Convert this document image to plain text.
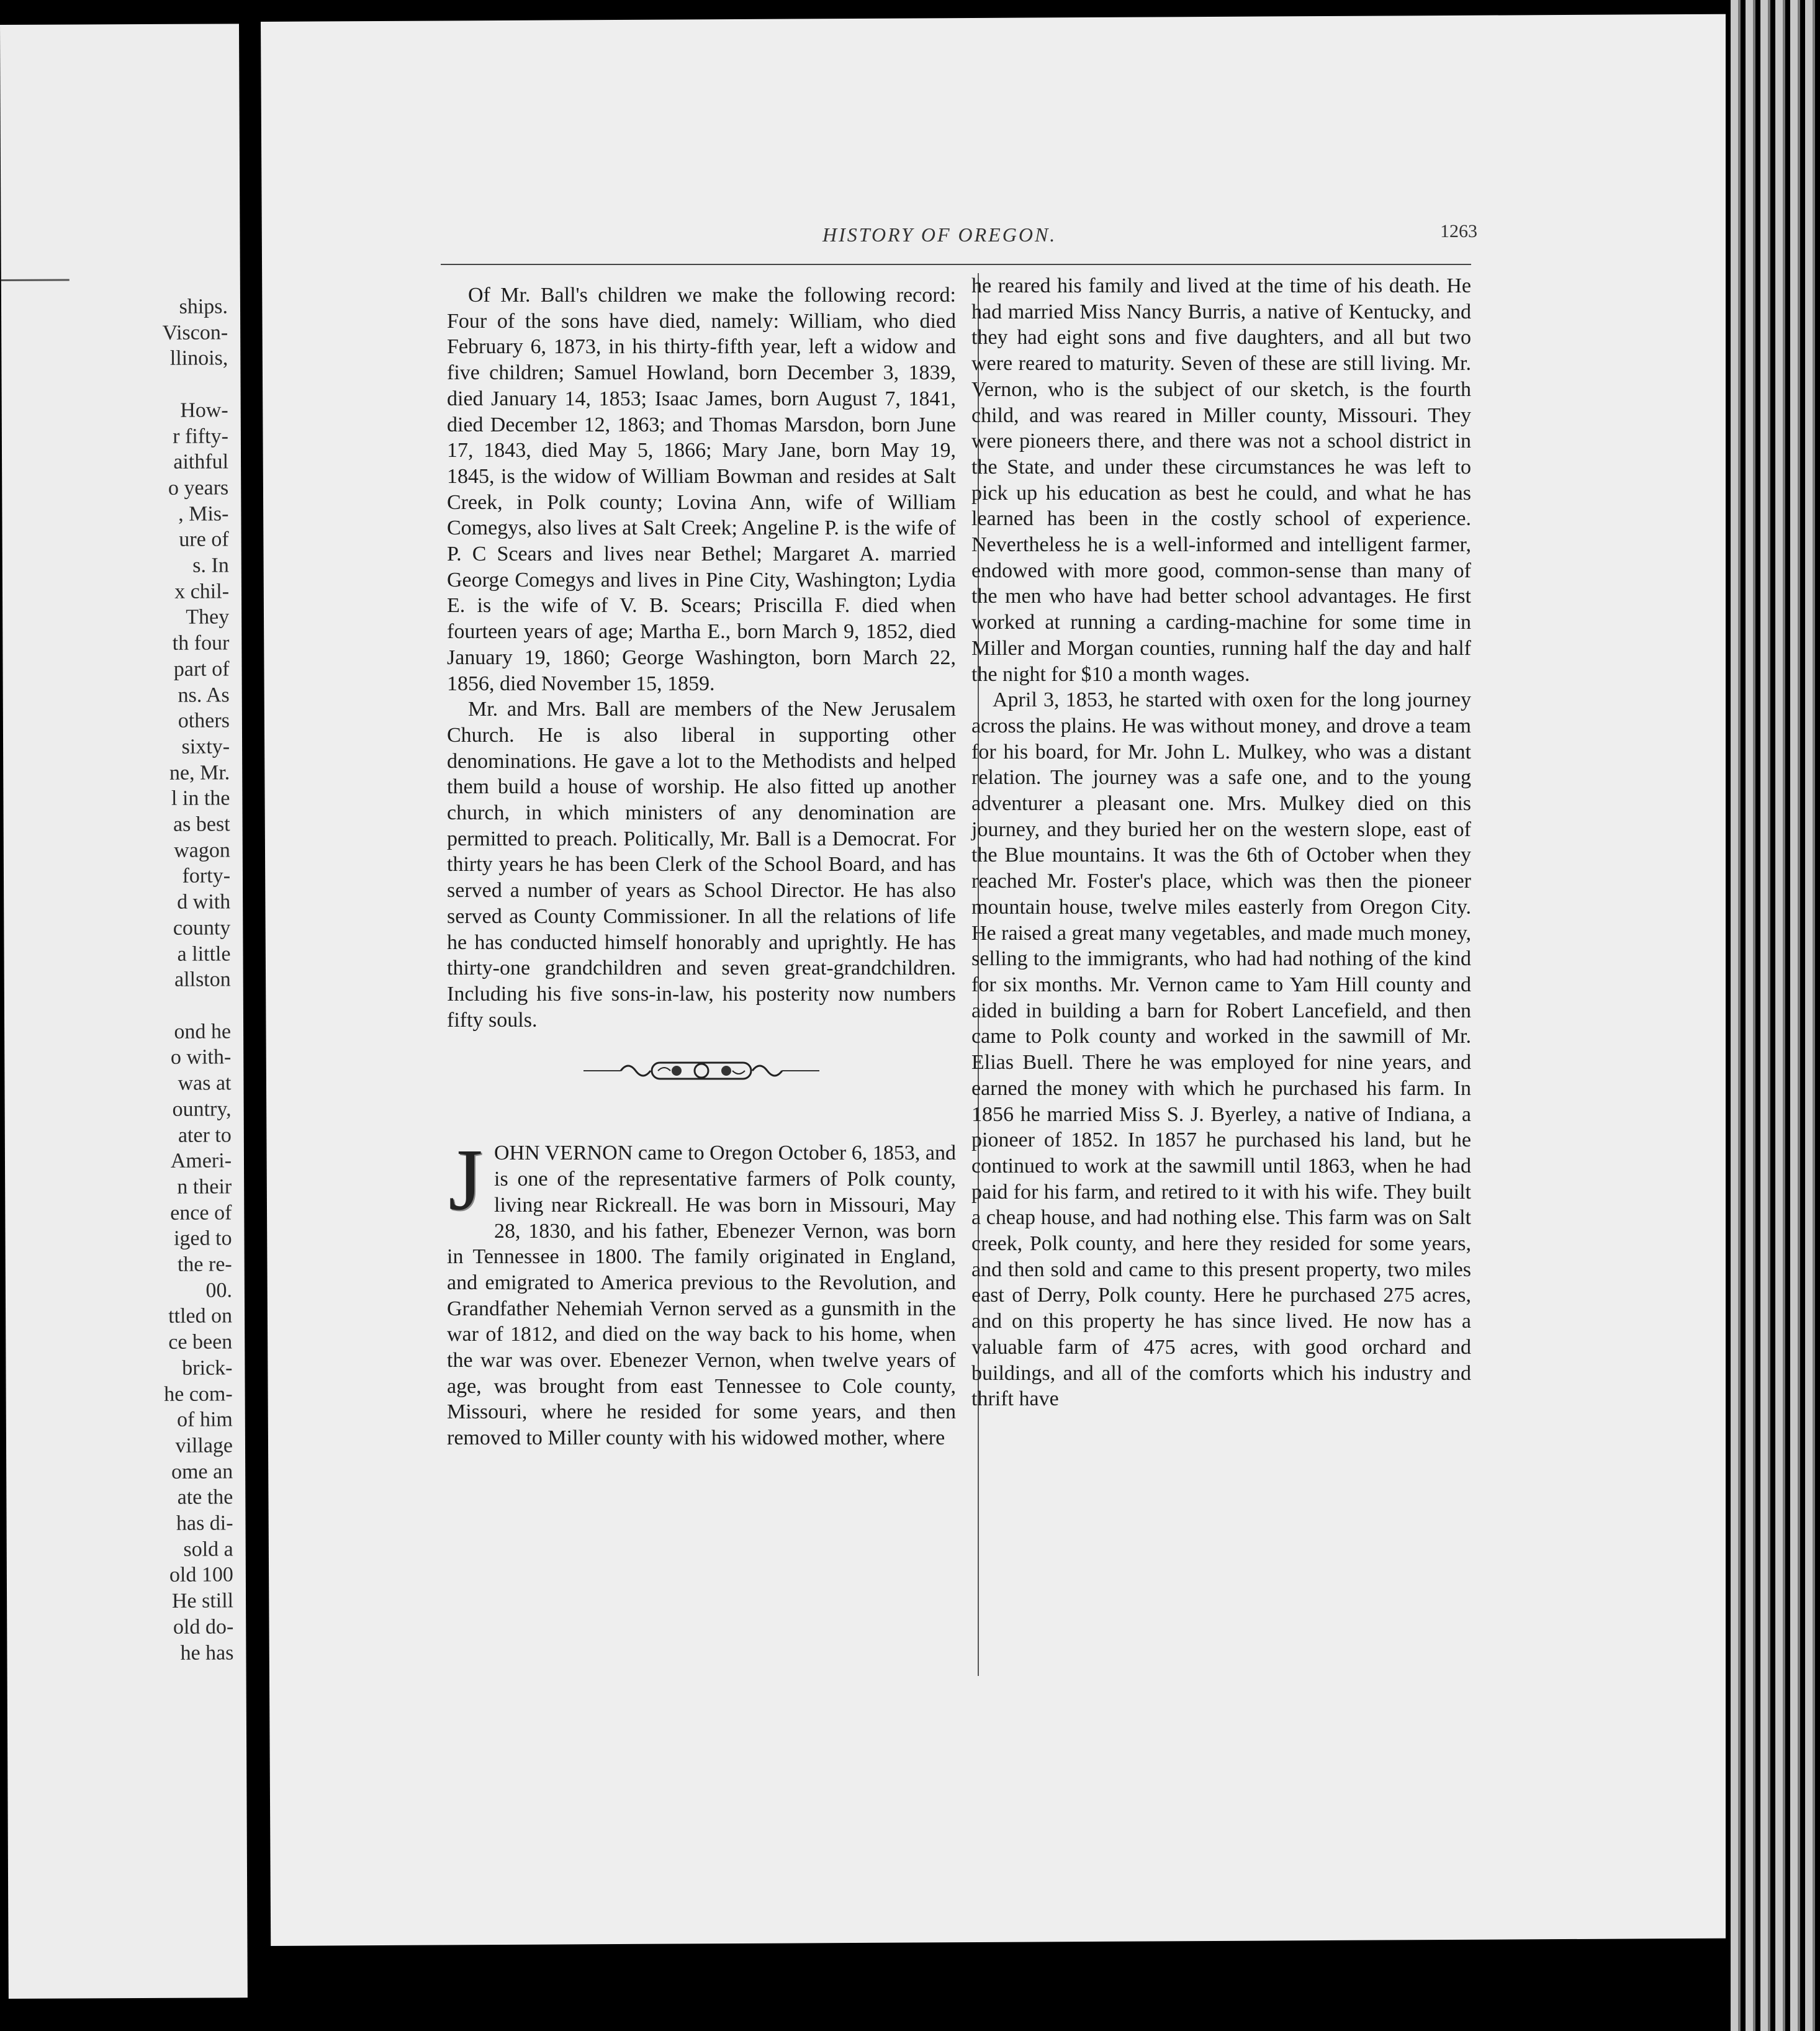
ships.
Viscon-
llinois,

How-
r fifty-
aithful
o years
, Mis-
ure of
s. In
x chil-
They
th four
part of
ns. As
others
sixty-
ne, Mr.
l in the
as best
wagon
forty-
d with
county
a little
allston

ond he
o with-
was at
ountry,
ater to
Ameri-
n their
ence of
iged to
the re-
00.
ttled on
ce been
brick-
he com-
of him
village
ome an
ate the
has di-
sold a
old 100
He still
old do-
he has
HISTORY OF OREGON.	1263

Of Mr. Ball's children we make the following record: Four of the sons have died, namely: William, who died February 6, 1873, in his thirty-fifth year, left a widow and five children; Samuel Howland, born December 3, 1839, died January 14, 1853; Isaac James, born August 7, 1841, died December 12, 1863; and Thomas Marsdon, born June 17, 1843, died May 5, 1866; Mary Jane, born May 19, 1845, is the widow of William Bowman and resides at Salt Creek, in Polk county; Lovina Ann, wife of William Comegys, also lives at Salt Creek; Angeline P. is the wife of P. C Scears and lives near Bethel; Margaret A. married George Comegys and lives in Pine City, Washington; Lydia E. is the wife of V. B. Scears; Priscilla F. died when fourteen years of age; Martha E., born March 9, 1852, died January 19, 1860; George Washington, born March 22, 1856, died November 15, 1859.

Mr. and Mrs. Ball are members of the New Jerusalem Church. He is also liberal in supporting other denominations. He gave a lot to the Methodists and helped them build a house of worship. He also fitted up another church, in which ministers of any denomination are permitted to preach. Politically, Mr. Ball is a Democrat. For thirty years he has been Clerk of the School Board, and has served a number of years as School Director. He has also served as County Commissioner. In all the relations of life he has conducted himself honorably and uprightly. He has thirty-one grandchildren and seven great-grandchildren. Including his five sons-in-law, his posterity now numbers fifty souls.

JOHN VERNON came to Oregon October 6, 1853, and is one of the representative farmers of Polk county, living near Rickreall. He was born in Missouri, May 28, 1830, and his father, Ebenezer Vernon, was born in Tennessee in 1800. The family originated in England, and emigrated to America previous to the Revolution, and Grandfather Nehemiah Vernon served as a gunsmith in the war of 1812, and died on the way back to his home, when the war was over. Ebenezer Vernon, when twelve years of age, was brought from east Tennessee to Cole county, Missouri, where he resided for some years, and then removed to Miller county with his widowed mother, where

he reared his family and lived at the time of his death. He had married Miss Nancy Burris, a native of Kentucky, and they had eight sons and five daughters, and all but two were reared to maturity. Seven of these are still living. Mr. Vernon, who is the subject of our sketch, is the fourth child, and was reared in Miller county, Missouri. They were pioneers there, and there was not a school district in the State, and under these circumstances he was left to pick up his education as best he could, and what he has learned has been in the costly school of experience. Nevertheless he is a well-informed and intelligent farmer, endowed with more good, common-sense than many of the men who have had better school advantages. He first worked at running a carding-machine for some time in Miller and Morgan counties, running half the day and half the night for $10 a month wages.

April 3, 1853, he started with oxen for the long journey across the plains. He was without money, and drove a team for his board, for Mr. John L. Mulkey, who was a distant relation. The journey was a safe one, and to the young adventurer a pleasant one. Mrs. Mulkey died on this journey, and they buried her on the western slope, east of the Blue mountains. It was the 6th of October when they reached Mr. Foster's place, which was then the pioneer mountain house, twelve miles easterly from Oregon City. He raised a great many vegetables, and made much money, selling to the immigrants, who had had nothing of the kind for six months. Mr. Vernon came to Yam Hill county and aided in building a barn for Robert Lancefield, and then came to Polk county and worked in the sawmill of Mr. Elias Buell. There he was employed for nine years, and earned the money with which he purchased his farm. In 1856 he married Miss S. J. Byerley, a native of Indiana, a pioneer of 1852. In 1857 he purchased his land, but he continued to work at the sawmill until 1863, when he had paid for his farm, and retired to it with his wife. They built a cheap house, and had nothing else. This farm was on Salt creek, Polk county, and here they resided for some years, and then sold and came to this present property, two miles east of Derry, Polk county. Here he purchased 275 acres, and on this property he has since lived. He now has a valuable farm of 475 acres, with good orchard and buildings, and all of the comforts which his industry and thrift have
